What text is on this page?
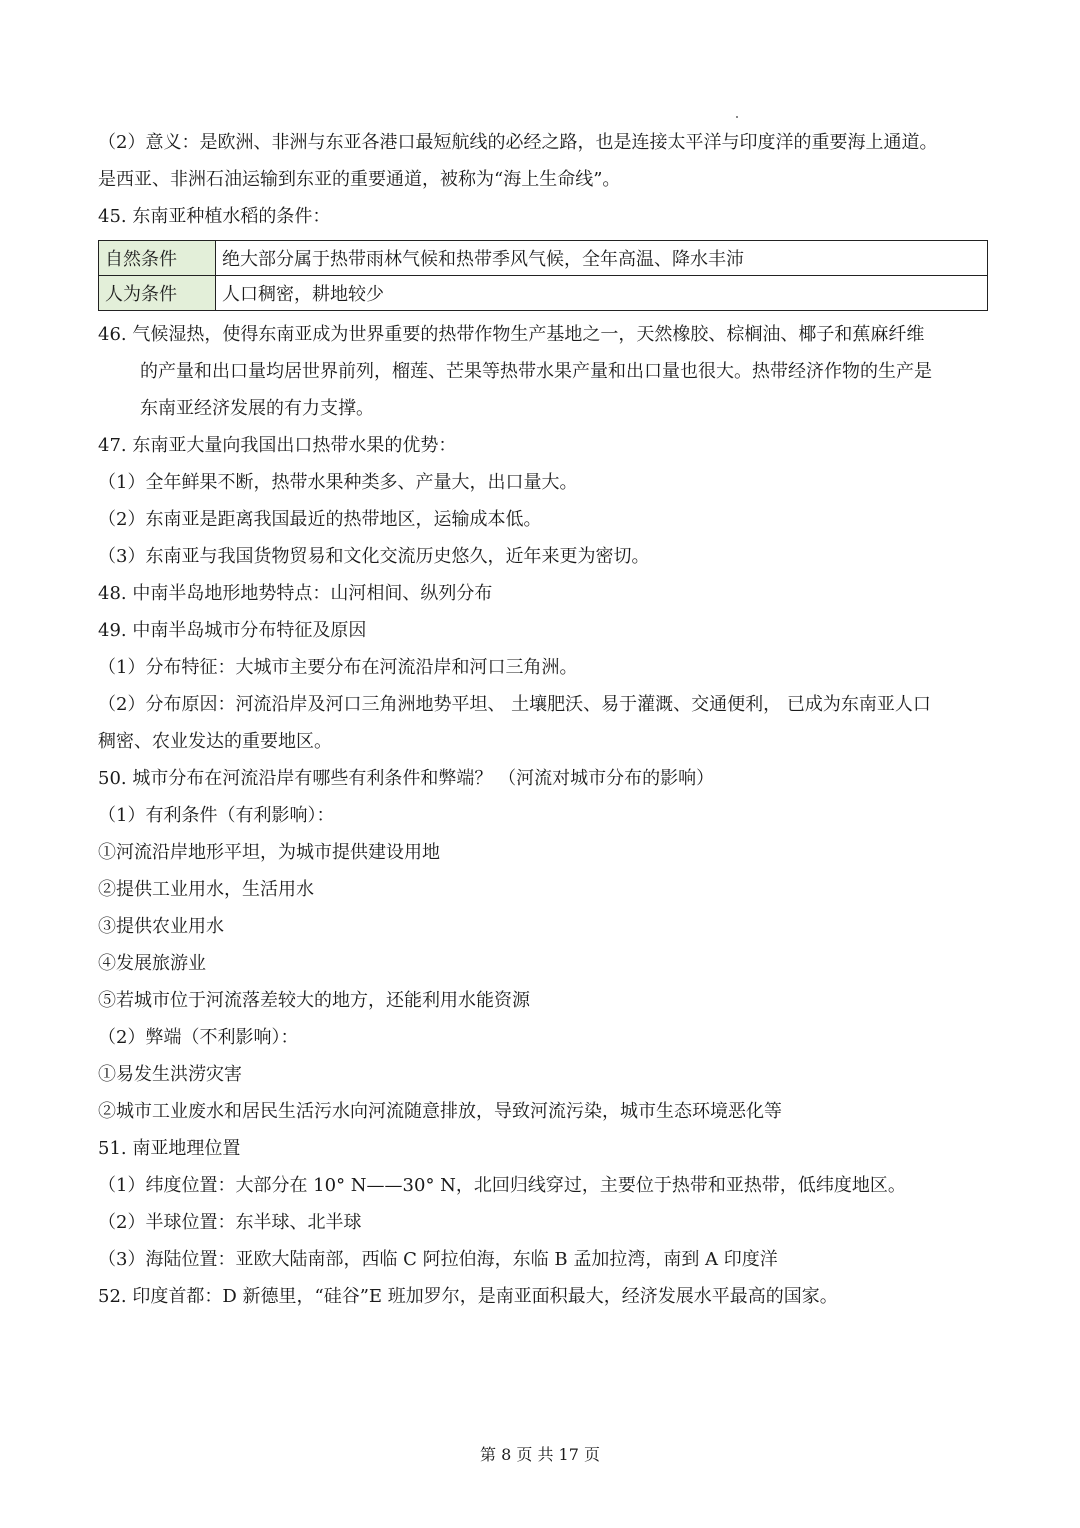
（2）意义：是欧洲、非洲与东亚各港口最短航线的必经之路，也是连接太平洋与印度洋的重要海上通道。
是西亚、非洲石油运输到东亚的重要通道，被称为“海上生命线”。
45. 东南亚种植水稻的条件：
自然条件	绝大部分属于热带雨林气候和热带季风气候，全年高温、降水丰沛
人为条件	人口稠密，耕地较少
46. 气候湿热，使得东南亚成为世界重要的热带作物生产基地之一，天然橡胶、棕榈油、椰子和蕉麻纤维
的产量和出口量均居世界前列，榴莲、芒果等热带水果产量和出口量也很大。热带经济作物的生产是
东南亚经济发展的有力支撑。
47. 东南亚大量向我国出口热带水果的优势：
（1）全年鲜果不断，热带水果种类多、产量大，出口量大。
（2）东南亚是距离我国最近的热带地区，运输成本低。
（3）东南亚与我国货物贸易和文化交流历史悠久，近年来更为密切。
48. 中南半岛地形地势特点：山河相间、纵列分布
49. 中南半岛城市分布特征及原因
（1）分布特征：大城市主要分布在河流沿岸和河口三角洲。
（2）分布原因：河流沿岸及河口三角洲地势平坦、 土壤肥沃、易于灌溉、交通便利， 已成为东南亚人口
稠密、农业发达的重要地区。
50. 城市分布在河流沿岸有哪些有利条件和弊端？ （河流对城市分布的影响）
（1）有利条件（有利影响）：
①河流沿岸地形平坦，为城市提供建设用地
②提供工业用水，生活用水
③提供农业用水
④发展旅游业
⑤若城市位于河流落差较大的地方，还能利用水能资源
（2）弊端（不利影响）：
①易发生洪涝灾害
②城市工业废水和居民生活污水向河流随意排放，导致河流污染，城市生态环境恶化等
51. 南亚地理位置
（1）纬度位置：大部分在 10° N——30° N，北回归线穿过，主要位于热带和亚热带，低纬度地区。
（2）半球位置：东半球、北半球
（3）海陆位置：亚欧大陆南部，西临 C 阿拉伯海，东临 B 孟加拉湾，南到 A 印度洋
52. 印度首都：D 新德里，“硅谷”E 班加罗尔，是南亚面积最大，经济发展水平最高的国家。
第 8 页 共 17 页
